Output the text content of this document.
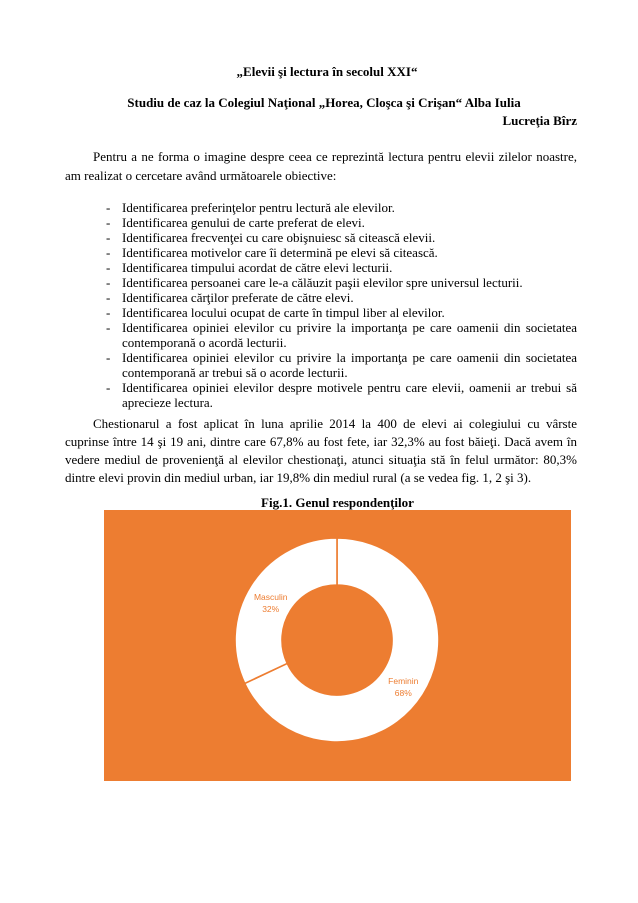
„Elevii şi lectura în secolul XXI“
Studiu de caz la Colegiul Naţional „Horea, Cloşca şi Crişan“ Alba Iulia
Lucreţia Bîrz
Pentru a ne forma o imagine despre ceea ce reprezintă lectura pentru elevii zilelor noastre,
am realizat o cercetare având următoarele obiective:
- Identificarea preferinţelor pentru lectură ale elevilor.
- Identificarea genului de carte preferat de elevi.
- Identificarea frecvenţei cu care obişnuiesc să citească elevii.
- Identificarea motivelor care îi determină pe elevi să citească.
- Identificarea timpului acordat de către elevi lecturii.
- Identificarea persoanei care le-a călăuzit paşii elevilor spre universul lecturii.
- Identificarea cărţilor preferate de către elevi.
- Identificarea locului ocupat de carte în timpul liber al elevilor.
- Identificarea opiniei elevilor cu privire la importanţa pe care oamenii din societatea
contemporană o acordă lecturii.
- Identificarea opiniei elevilor cu privire la importanţa pe care oamenii din societatea
contemporană ar trebui să o acorde lecturii.
- Identificarea opiniei elevilor despre motivele pentru care elevii, oamenii ar trebui să
aprecieze lectura.
Chestionarul a fost aplicat în luna aprilie 2014 la 400 de elevi ai colegiului cu vârste
cuprinse între 14 şi 19 ani, dintre care 67,8% au fost fete, iar 32,3% au fost băieţi. Dacă avem în
vedere mediul de provenienţă al elevilor chestionaţi, atunci situaţia stă în felul următor: 80,3%
dintre elevi provin din mediul urban, iar 19,8% din mediul rural (a se vedea fig. 1, 2 şi 3).
Fig.1. Genul respondenţilor
Feminin
68%
Masculin
32%
